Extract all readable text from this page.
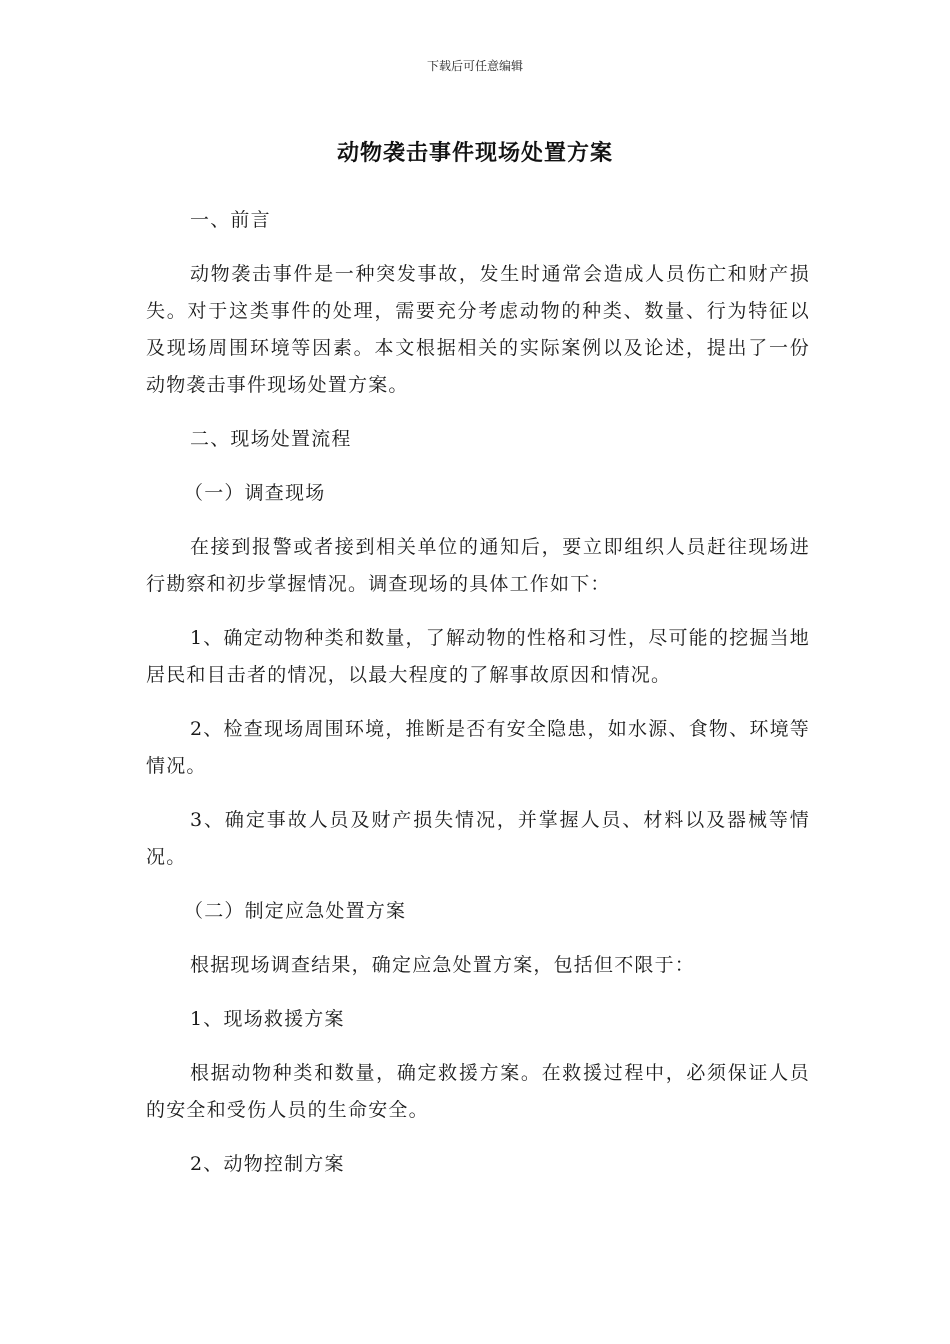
下载后可任意编辑
动物袭击事件现场处置方案

一、前言

动物袭击事件是一种突发事故，发生时通常会造成人员伤亡和财产损失。对于这类事件的处理，需要充分考虑动物的种类、数量、行为特征以及现场周围环境等因素。本文根据相关的实际案例以及论述，提出了一份动物袭击事件现场处置方案。

二、现场处置流程

（一）调查现场

在接到报警或者接到相关单位的通知后，要立即组织人员赶往现场进行勘察和初步掌握情况。调查现场的具体工作如下：

1、确定动物种类和数量，了解动物的性格和习性，尽可能的挖掘当地居民和目击者的情况，以最大程度的了解事故原因和情况。

2、检查现场周围环境，推断是否有安全隐患，如水源、食物、环境等情况。

3、确定事故人员及财产损失情况，并掌握人员、材料以及器械等情况。

（二）制定应急处置方案

根据现场调查结果，确定应急处置方案，包括但不限于：

1、现场救援方案

根据动物种类和数量，确定救援方案。在救援过程中，必须保证人员的安全和受伤人员的生命安全。

2、动物控制方案
